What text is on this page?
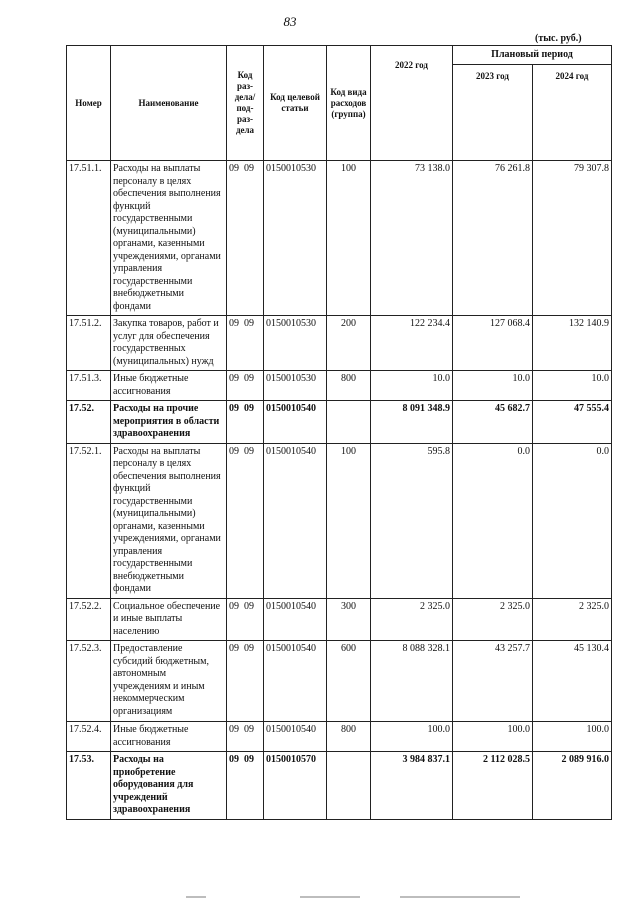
83
(тыс. руб.)
Номер	Наименование	Код раз-дела/ под-раз-дела	Код целевой статьи	Код вида расходов (группа)	2022 год	Плановый период	
						2023 год	2024 год
17.51.1.	Расходы на выплаты персоналу в целях обеспечения выполнения функций государственными (муниципальными) органами, казенными учреждениями, органами управления государственными внебюджетными фондами	09 09	0150010530	100	73 138.0	76 261.8	79 307.8
17.51.2.	Закупка товаров, работ и услуг для обеспечения государственных (муниципальных) нужд	09 09	0150010530	200	122 234.4	127 068.4	132 140.9
17.51.3.	Иные бюджетные ассигнования	09 09	0150010530	800	10.0	10.0	10.0
17.52.	Расходы на прочие мероприятия в области здравоохранения	09 09	0150010540		8 091 348.9	45 682.7	47 555.4
17.52.1.	Расходы на выплаты персоналу в целях обеспечения выполнения функций государственными (муниципальными) органами, казенными учреждениями, органами управления государственными внебюджетными фондами	09 09	0150010540	100	595.8	0.0	0.0
17.52.2.	Социальное обеспечение и иные выплаты населению	09 09	0150010540	300	2 325.0	2 325.0	2 325.0
17.52.3.	Предоставление субсидий бюджетным, автономным учреждениям и иным некоммерческим организациям	09 09	0150010540	600	8 088 328.1	43 257.7	45 130.4
17.52.4.	Иные бюджетные ассигнования	09 09	0150010540	800	100.0	100.0	100.0
17.53.	Расходы на приобретение оборудования для учреждений здравоохранения	09 09	0150010570		3 984 837.1	2 112 028.5	2 089 916.0
